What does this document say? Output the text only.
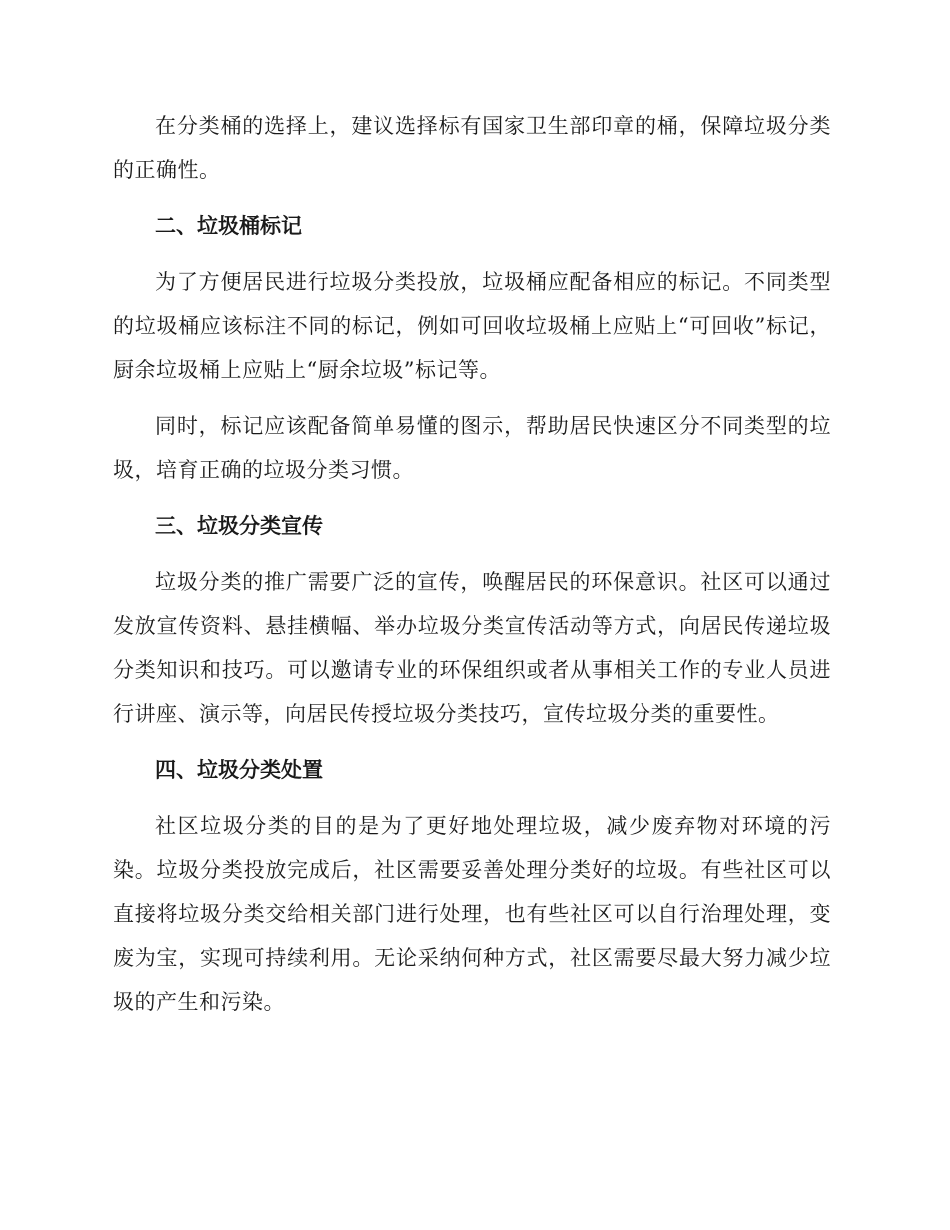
在分类桶的选择上，建议选择标有国家卫生部印章的桶，保障垃圾分类的正确性。

二、垃圾桶标记

为了方便居民进行垃圾分类投放，垃圾桶应配备相应的标记。不同类型的垃圾桶应该标注不同的标记，例如可回收垃圾桶上应贴上“可回收”标记，厨余垃圾桶上应贴上“厨余垃圾”标记等。

同时，标记应该配备简单易懂的图示，帮助居民快速区分不同类型的垃圾，培育正确的垃圾分类习惯。

三、垃圾分类宣传

垃圾分类的推广需要广泛的宣传，唤醒居民的环保意识。社区可以通过发放宣传资料、悬挂横幅、举办垃圾分类宣传活动等方式，向居民传递垃圾分类知识和技巧。可以邀请专业的环保组织或者从事相关工作的专业人员进行讲座、演示等，向居民传授垃圾分类技巧，宣传垃圾分类的重要性。

四、垃圾分类处置

社区垃圾分类的目的是为了更好地处理垃圾，减少废弃物对环境的污染。垃圾分类投放完成后，社区需要妥善处理分类好的垃圾。有些社区可以直接将垃圾分类交给相关部门进行处理，也有些社区可以自行治理处理，变废为宝，实现可持续利用。无论采纳何种方式，社区需要尽最大努力减少垃圾的产生和污染。
